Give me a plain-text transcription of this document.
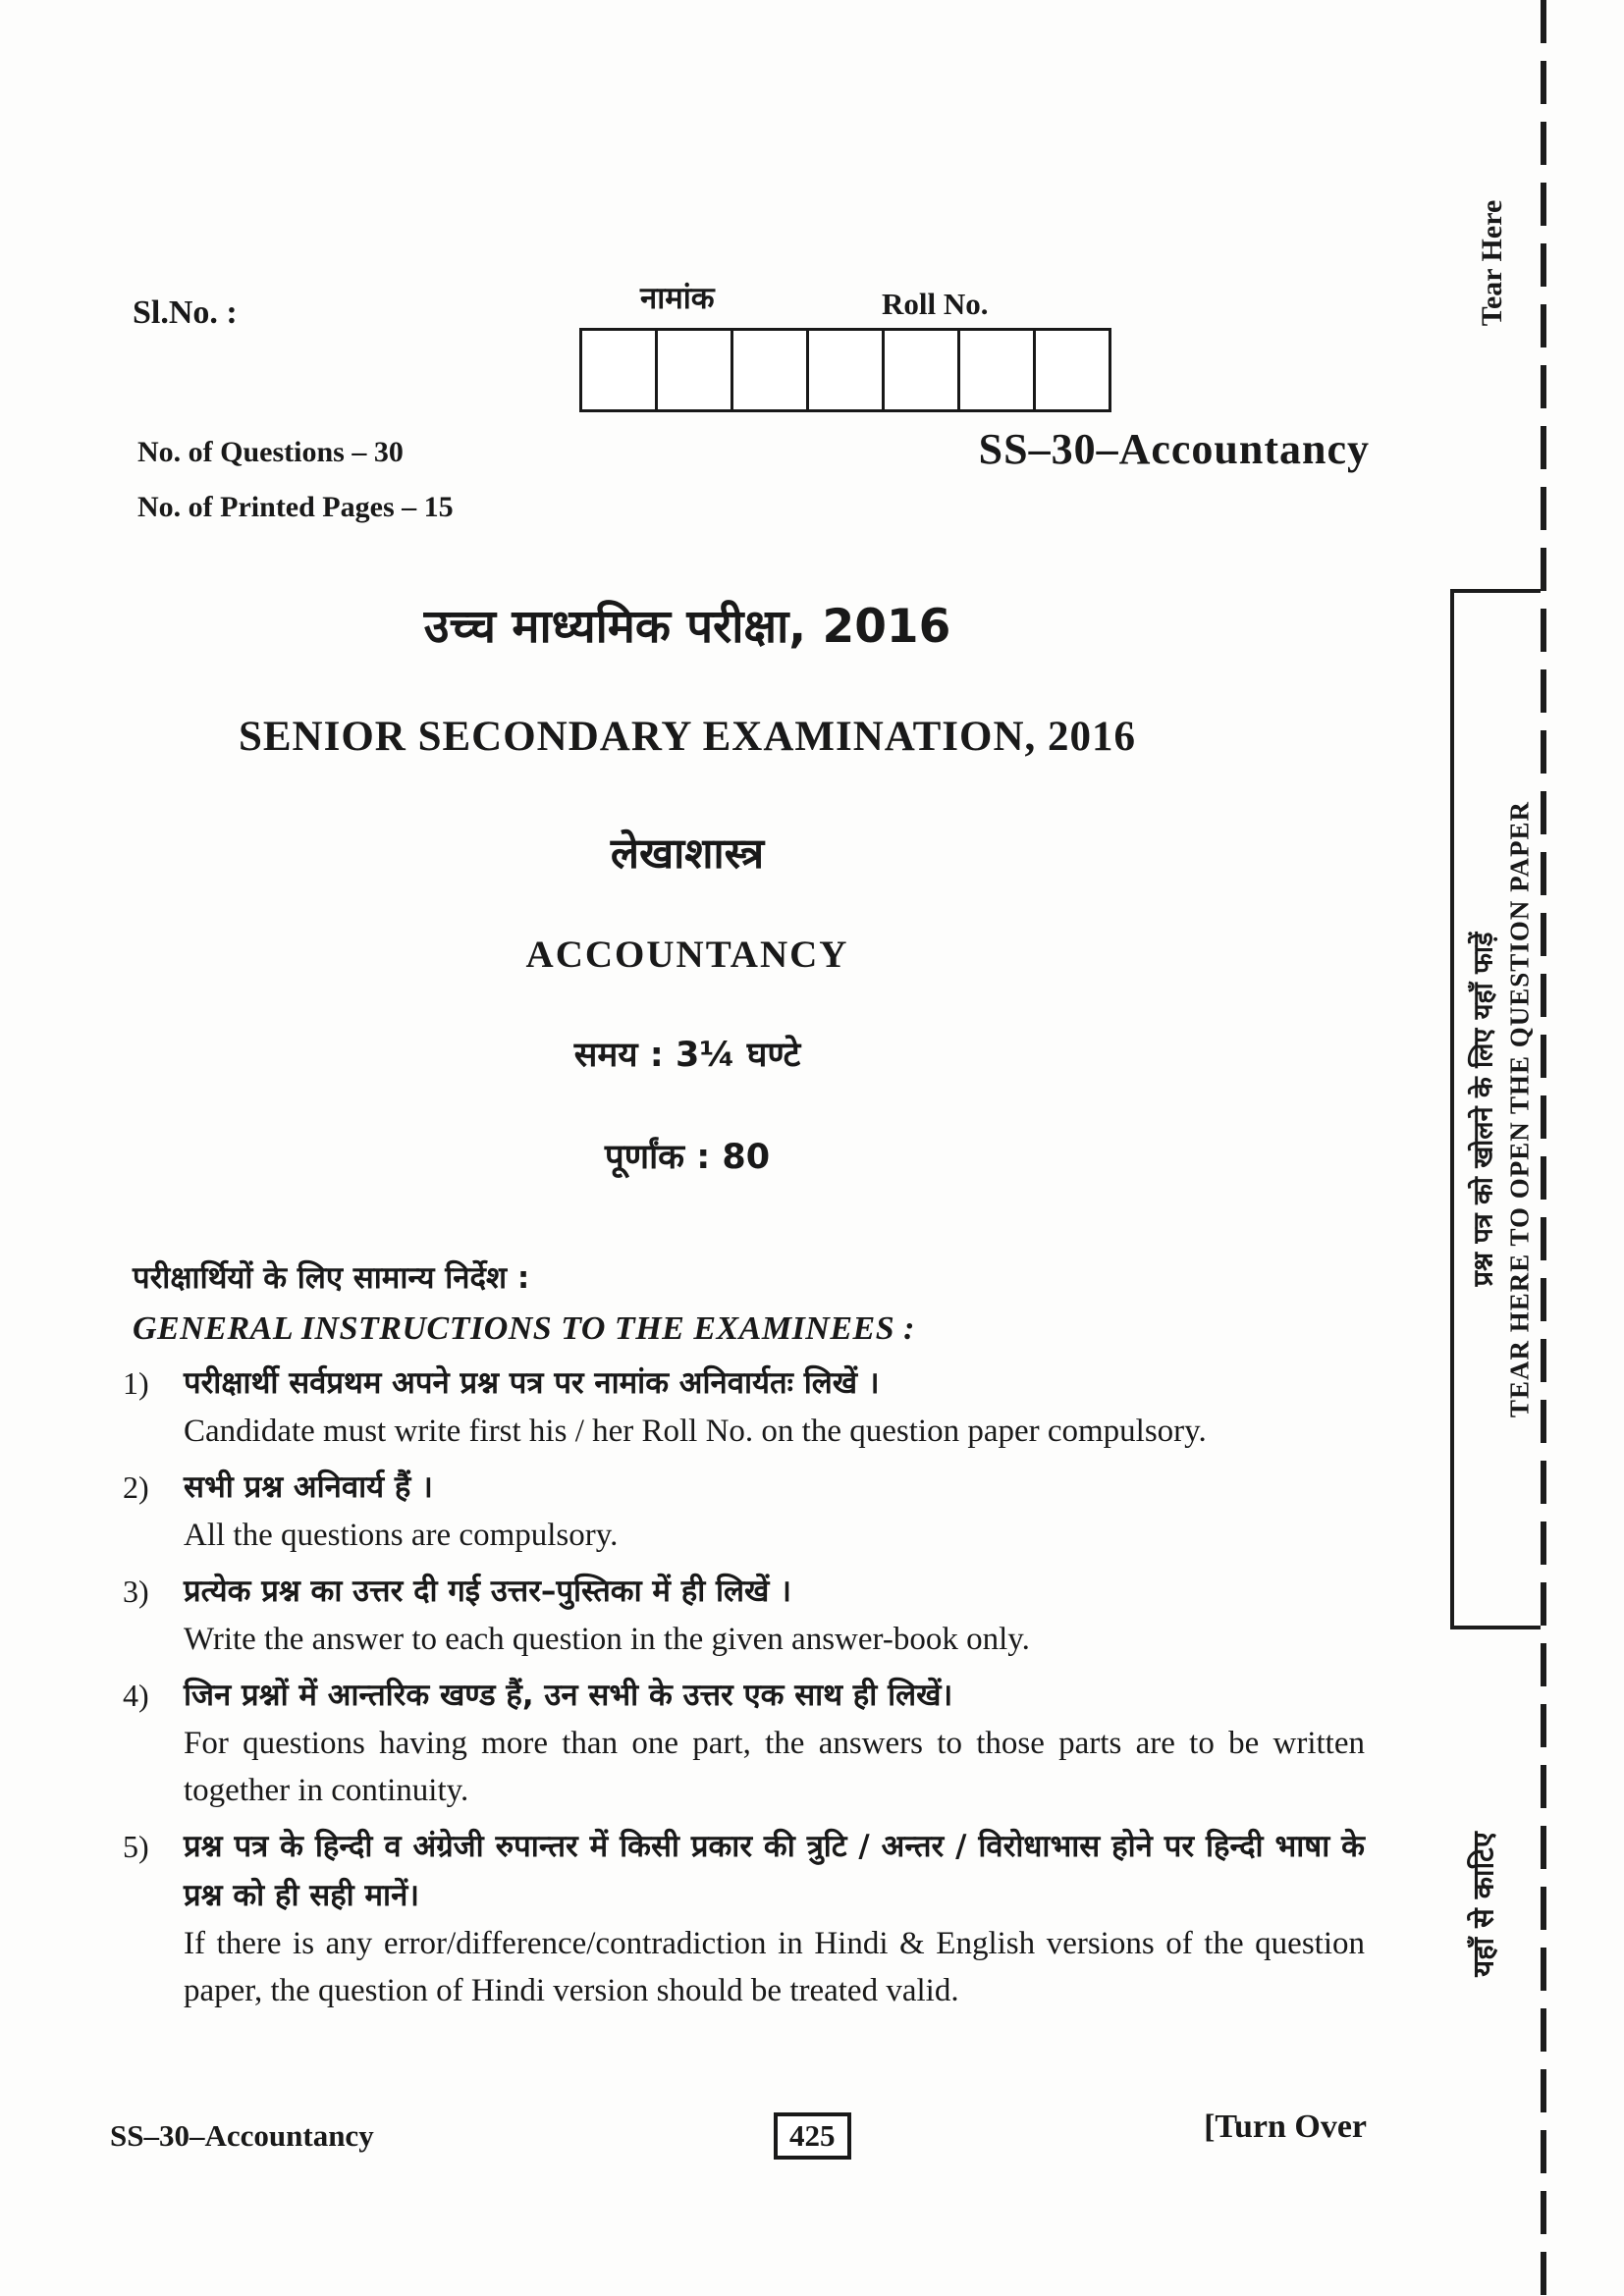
Sl.No. :	नामांक	Roll No.
No. of Questions – 30
No. of Printed Pages – 15
SS–30–Accountancy
उच्च माध्यमिक परीक्षा, 2016
SENIOR SECONDARY EXAMINATION, 2016
लेखाशास्त्र
ACCOUNTANCY
समय : 3¼ घण्टे
पूर्णांक : 80
परीक्षार्थियों के लिए सामान्य निर्देश :
GENERAL INSTRUCTIONS TO THE EXAMINEES :
1)	परीक्षार्थी सर्वप्रथम अपने प्रश्न पत्र पर नामांक अनिवार्यतः लिखें ।
Candidate must write first his / her Roll No. on the question paper compulsory.
2)	सभी प्रश्न अनिवार्य हैं ।
All the questions are compulsory.
3)	प्रत्येक प्रश्न का उत्तर दी गई उत्तर–पुस्तिका में ही लिखें ।
Write the answer to each question in the given answer-book only.
4)	जिन प्रश्नों में आन्तरिक खण्ड हैं, उन सभी के उत्तर एक साथ ही लिखें।
For questions having more than one part, the answers to those parts are to be written together in continuity.
5)	प्रश्न पत्र के हिन्दी व अंग्रेजी रुपान्तर में किसी प्रकार की त्रुटि / अन्तर / विरोधाभास होने पर हिन्दी भाषा के प्रश्न को ही सही मानें।
If there is any error/difference/contradiction in Hindi & English versions of the question paper, the question of Hindi version should be treated valid.
SS–30–Accountancy	425	[Turn Over
Tear Here
प्रश्न पत्र को खोलने के लिए यहाँ फाड़ें TEAR HERE TO OPEN THE QUESTION PAPER
यहाँ से काटिए
